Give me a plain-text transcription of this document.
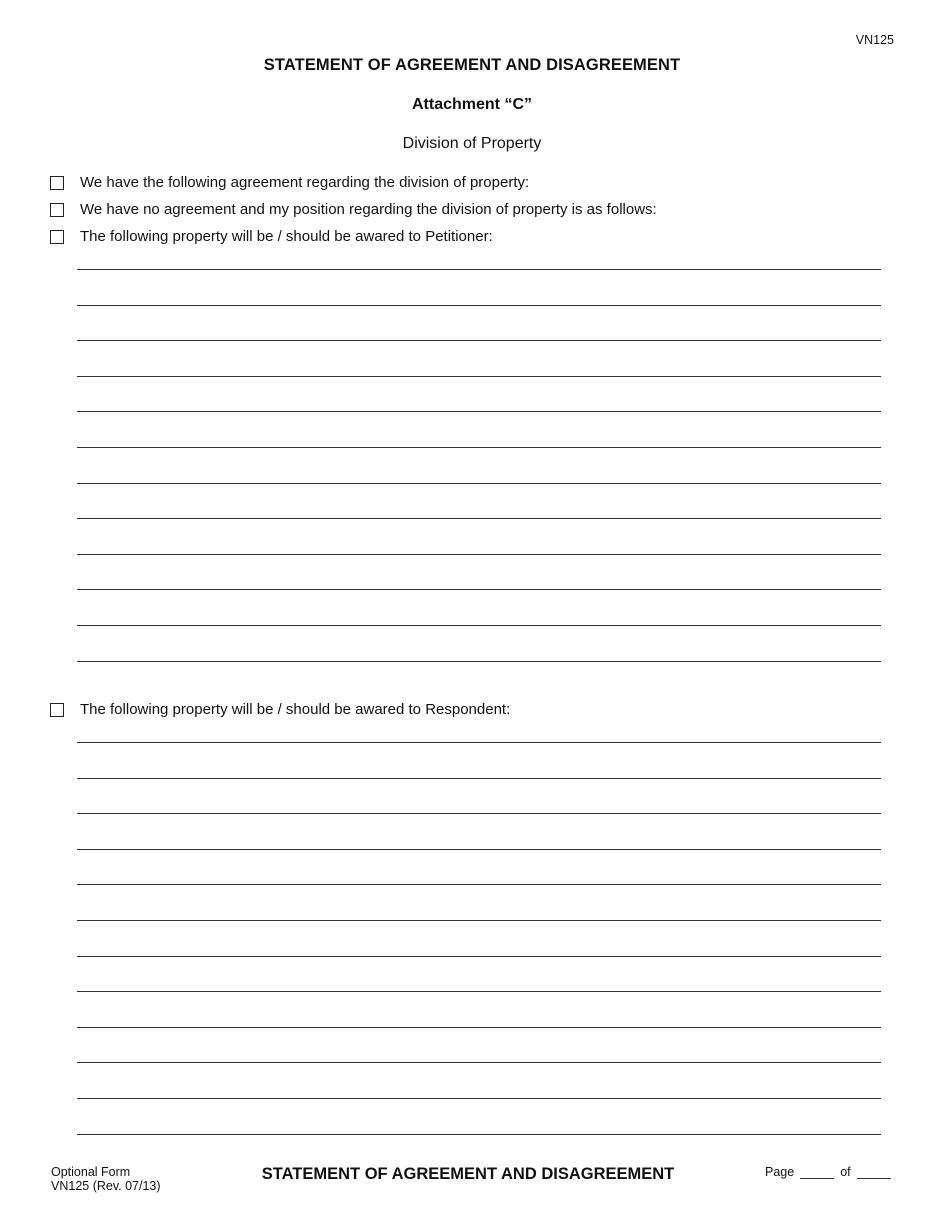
VN125
STATEMENT OF AGREEMENT AND DISAGREEMENT
Attachment “C”
Division of Property
We have the following agreement regarding the division of property:
We have no agreement and my position regarding the division of property is as follows:
The following property will be / should be awared to Petitioner:
The following property will be / should be awared to Respondent:
Optional Form
VN125 (Rev. 07/13)
STATEMENT OF AGREEMENT AND DISAGREEMENT	Page	of
